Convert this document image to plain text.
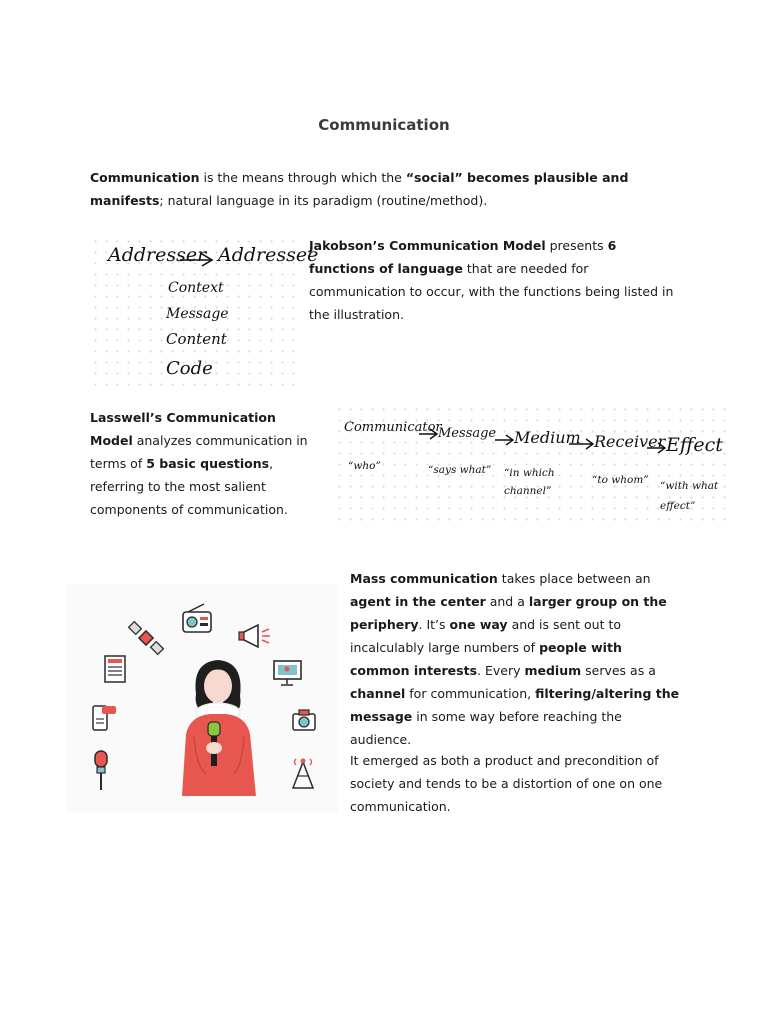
Communication
Communication is the means through which the “social” becomes plausible and manifests; natural language in its paradigm (routine/method).
Addresser Addressee
Context
Message
Content
Code
Jakobson’s Communication Model presents 6 functions of language that are needed for communication to occur, with the functions being listed in the illustration.
Lasswell’s Communication Model analyzes communication in terms of 5 basic questions, referring to the most salient components of communication.
Communicator
Message Medium Receiver Effect
“who”	“says what” “in which channel”
“to whom” “with what effect”
Mass communication takes place between an agent in the center and a larger group on the periphery. It’s one way and is sent out to incalculably large numbers of people with common interests. Every medium serves as a channel for communication, filtering/altering the message in some way before reaching the audience.
It emerged as both a product and precondition of society and tends to be a distortion of one on one communication.
